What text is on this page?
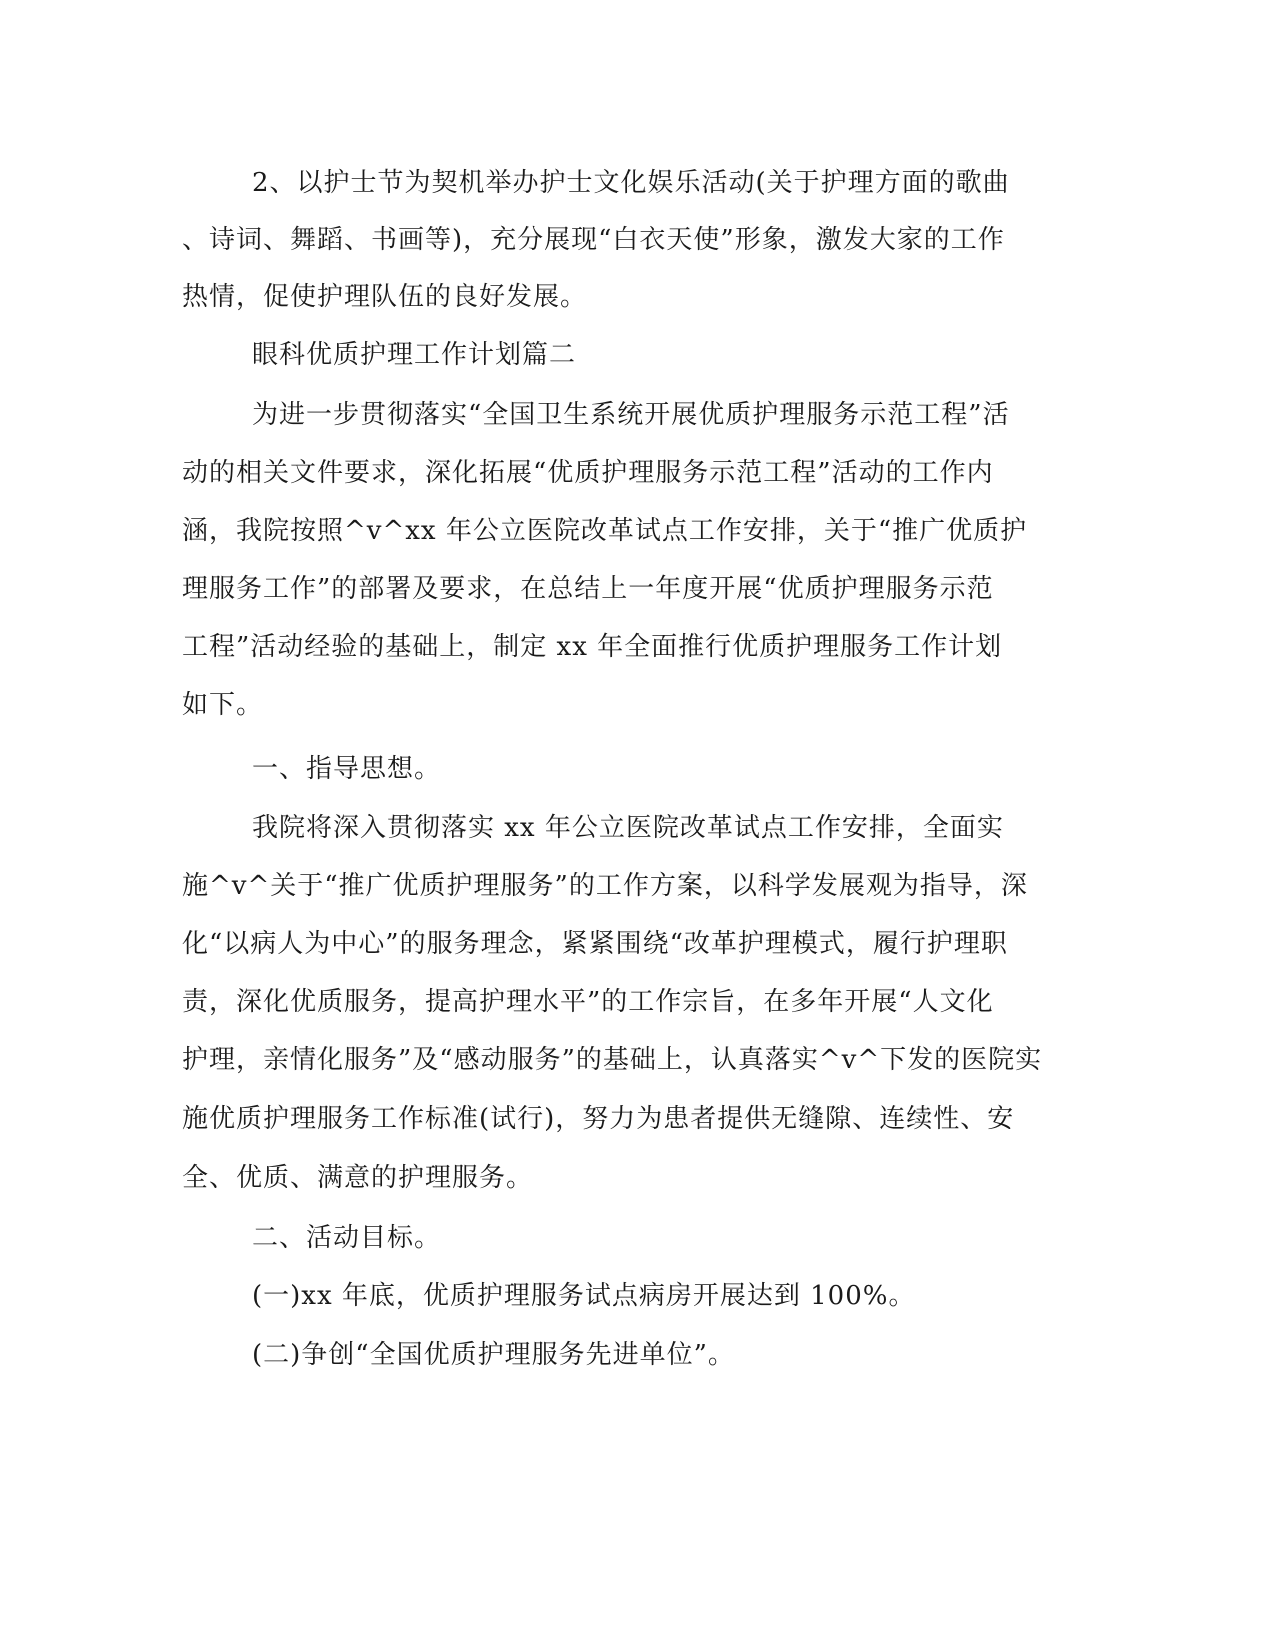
2、以护士节为契机举办护士文化娱乐活动(关于护理方面的歌曲
、诗词、舞蹈、书画等)，充分展现“白衣天使”形象，激发大家的工作
热情，促使护理队伍的良好发展。
眼科优质护理工作计划篇二
为进一步贯彻落实“全国卫生系统开展优质护理服务示范工程”活
动的相关文件要求，深化拓展“优质护理服务示范工程”活动的工作内
涵，我院按照^v^xx 年公立医院改革试点工作安排，关于“推广优质护
理服务工作”的部署及要求，在总结上一年度开展“优质护理服务示范
工程”活动经验的基础上，制定 xx 年全面推行优质护理服务工作计划
如下。
一、指导思想。
我院将深入贯彻落实 xx 年公立医院改革试点工作安排，全面实
施^v^关于“推广优质护理服务”的工作方案，以科学发展观为指导，深
化“以病人为中心”的服务理念，紧紧围绕“改革护理模式，履行护理职
责，深化优质服务，提高护理水平”的工作宗旨，在多年开展“人文化
护理，亲情化服务”及“感动服务”的基础上，认真落实^v^下发的医院实
施优质护理服务工作标准(试行)，努力为患者提供无缝隙、连续性、安
全、优质、满意的护理服务。
二、活动目标。
(一)xx 年底，优质护理服务试点病房开展达到 100%。
(二)争创“全国优质护理服务先进单位”。
